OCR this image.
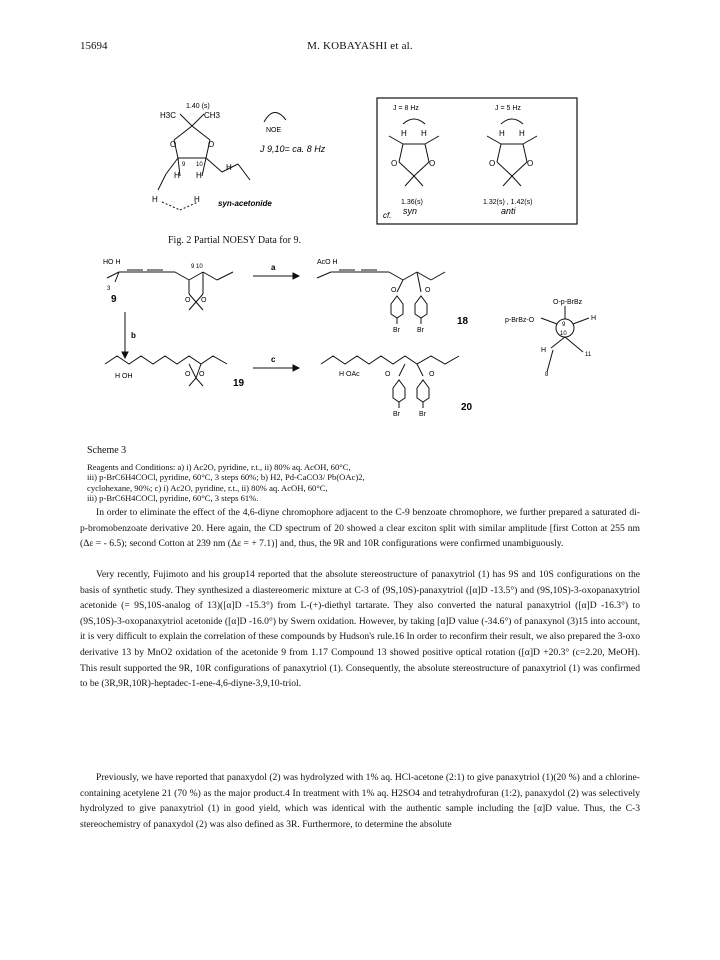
15694	M. KOBAYASHI et al.
1.40 (s)
H3C	CH3
O	O
H H
H
9 10
H	H
NOE
J 9,10= ca. 8 Hz
syn-acetonide
J = 8 Hz	J = 5 Hz
H H	H H
O	O	O	O
1.36(s)	1.32(s) , 1.42(s)
cf. syn	anti
Fig. 2 Partial NOESY Data for 9.
HO H
3
9 10
O O
9
a
AcO H
O	O
Br Br
18
b
H OH	O O
19
c
H OAc	O	O
Br	Br
20
O-p-BrBz
p-BrBz-O	H
H
9
10
11
8
Scheme 3
Reagents and Conditions: a) i) Ac2O, pyridine, r.t., ii) 80% aq. AcOH, 60°C,
iii) p-BrC6H4COCl, pyridine, 60°C, 3 steps 60%; b) H2, Pd-CaCO3/ Pb(OAc)2,
cyclohexane, 90%; c) i) Ac2O, pyridine, r.t., ii) 80% aq. AcOH, 60°C,
iii) p-BrC6H4COCl, pyridine, 60°C, 3 steps 61%.

In order to eliminate the effect of the 4,6-diyne chromophore adjacent to the C-9 benzoate chromophore, we further prepared a saturated di-p-bromobenzoate derivative 20. Here again, the CD spectrum of 20 showed a clear exciton split with similar amplitude [first Cotton at 255 nm (Δε = - 6.5); second Cotton at 239 nm (Δε = + 7.1)] and, thus, the 9R and 10R configurations were confirmed unambiguously.

Very recently, Fujimoto and his group14 reported that the absolute stereostructure of panaxytriol (1) has 9S and 10S configurations on the basis of synthetic study. They synthesized a diastereomeric mixture at C-3 of (9S,10S)-panaxytriol ([α]D -13.5°) and (9S,10S)-3-oxopanaxytriol acetonide (= 9S,10S-analog of 13)([α]D -15.3°) from L-(+)-diethyl tartarate. They also converted the natural panaxytriol ([α]D -16.3°) to (9S,10S)-3-oxopanaxytriol acetonide ([α]D -16.0°) by Swern oxidation. However, by taking [α]D value (-34.6°) of panaxynol (3)15 into account, it is very difficult to explain the correlation of these compounds by Hudson's rule.16 In order to reconfirm their result, we also prepared the 3-oxo derivative 13 by MnO2 oxidation of the acetonide 9 from 1.17 Compound 13 showed positive optical rotation ([α]D +20.3° (c=2.20, MeOH). This result supported the 9R, 10R configurations of panaxytriol (1). Consequently, the absolute stereostructure of panaxytriol (1) was confirmed to be (3R,9R,10R)-heptadec-1-ene-4,6-diyne-3,9,10-triol.

Previously, we have reported that panaxydol (2) was hydrolyzed with 1% aq. HCl-acetone (2:1) to give panaxytriol (1)(20 %) and a chlorine-containing acetylene 21 (70 %) as the major product.4 In treatment with 1% aq. H2SO4 and tetrahydrofuran (1:2), panaxydol (2) was selectively hydrolyzed to give panaxytriol (1) in good yield, which was identical with the authentic sample including the [α]D value. Thus, the C-3 stereochemistry of panaxydol (2) was also defined as 3R. Furthermore, to determine the absolute
